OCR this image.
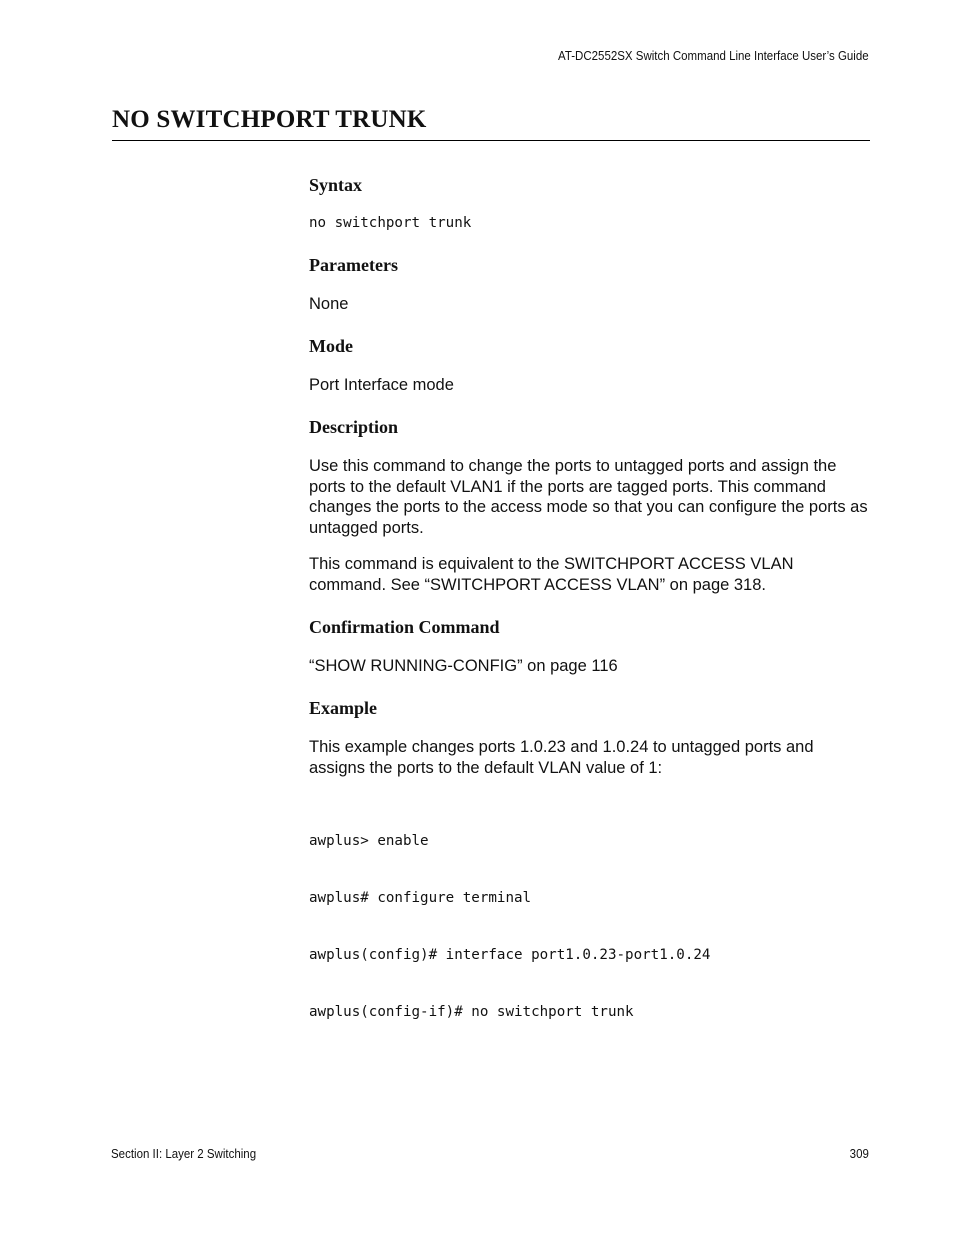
AT-DC2552SX Switch Command Line Interface User’s Guide
NO SWITCHPORT TRUNK
Syntax
no switchport trunk
Parameters

None

Mode

Port Interface mode

Description

Use this command to change the ports to untagged ports and assign the ports to the default VLAN1 if the ports are tagged ports. This command changes the ports to the access mode so that you can configure the ports as untagged ports.

This command is equivalent to the SWITCHPORT ACCESS VLAN command. See “SWITCHPORT ACCESS VLAN” on page 318.

Confirmation Command

“SHOW RUNNING-CONFIG” on page 116

Example

This example changes ports 1.0.23 and 1.0.24 to untagged ports and assigns the ports to the default VLAN value of 1:

awplus> enable

awplus# configure terminal

awplus(config)# interface port1.0.23-port1.0.24

awplus(config-if)# no switchport trunk

Section II: Layer 2 Switching	309
